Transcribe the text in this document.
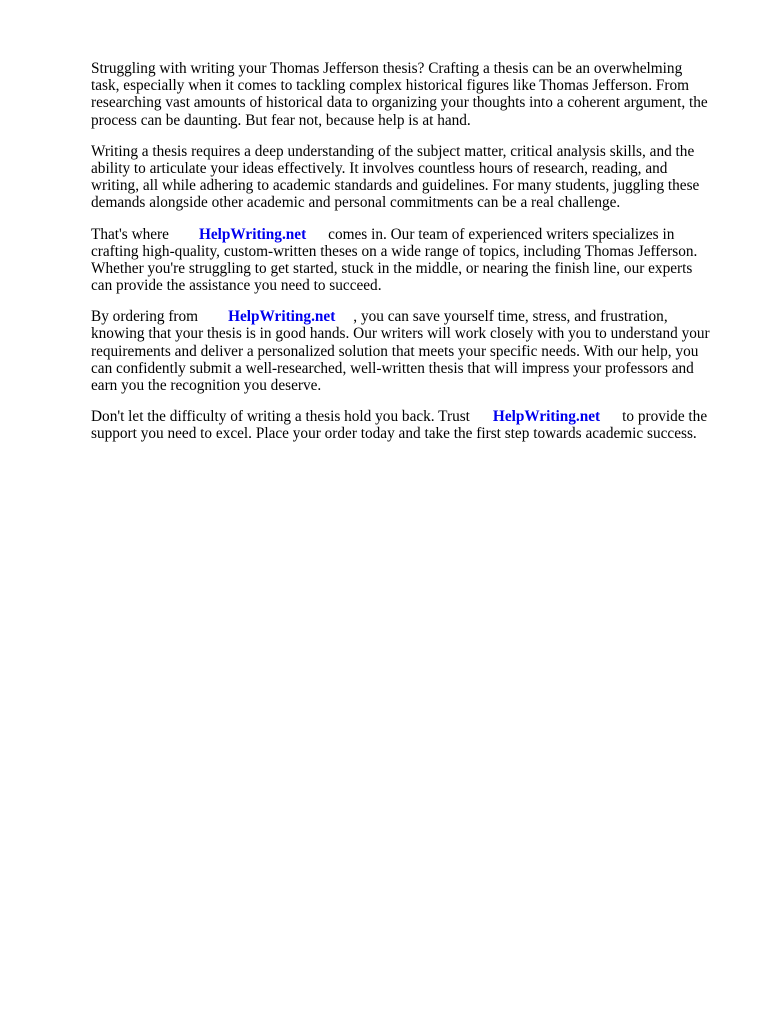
Struggling with writing your Thomas Jefferson thesis? Crafting a thesis can be an overwhelming
task, especially when it comes to tackling complex historical figures like Thomas Jefferson. From
researching vast amounts of historical data to organizing your thoughts into a coherent argument, the
process can be daunting. But fear not, because help is at hand.

Writing a thesis requires a deep understanding of the subject matter, critical analysis skills, and the
ability to articulate your ideas effectively. It involves countless hours of research, reading, and
writing, all while adhering to academic standards and guidelines. For many students, juggling these
demands alongside other academic and personal commitments can be a real challenge.

That's where HelpWriting.net comes in. Our team of experienced writers specializes in
crafting high-quality, custom-written theses on a wide range of topics, including Thomas Jefferson.
Whether you're struggling to get started, stuck in the middle, or nearing the finish line, our experts
can provide the assistance you need to succeed.

By ordering from HelpWriting.net , you can save yourself time, stress, and frustration,
knowing that your thesis is in good hands. Our writers will work closely with you to understand your
requirements and deliver a personalized solution that meets your specific needs. With our help, you
can confidently submit a well-researched, well-written thesis that will impress your professors and
earn you the recognition you deserve.

Don't let the difficulty of writing a thesis hold you back. Trust HelpWriting.net to provide the
support you need to excel. Place your order today and take the first step towards academic success.
